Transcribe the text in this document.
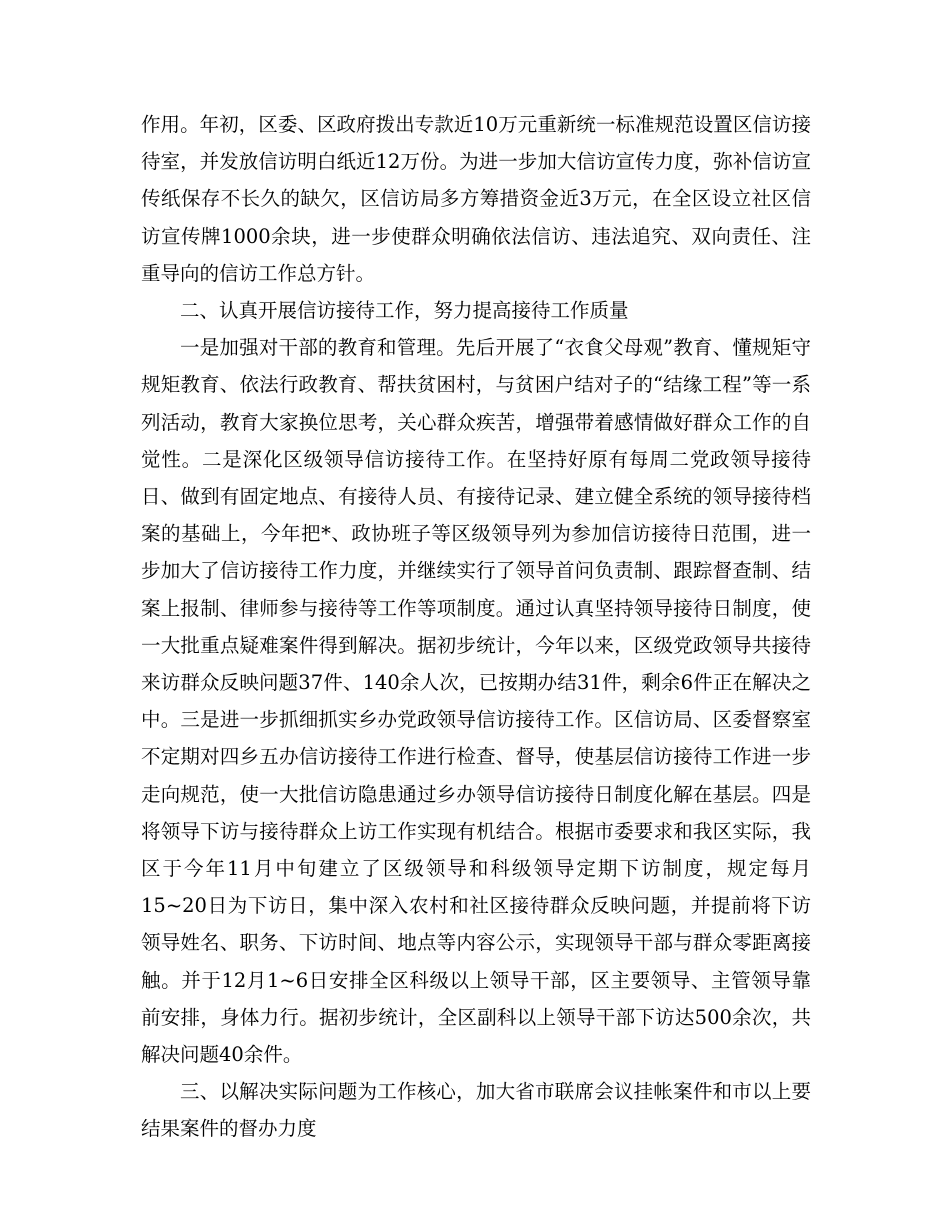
作用。年初，区委、区政府拨出专款近10万元重新统一标准规范设置区信访接待室，并发放信访明白纸近12万份。为进一步加大信访宣传力度，弥补信访宣传纸保存不长久的缺欠，区信访局多方筹措资金近3万元，在全区设立社区信访宣传牌1000余块，进一步使群众明确依法信访、违法追究、双向责任、注重导向的信访工作总方针。

二、认真开展信访接待工作，努力提高接待工作质量

一是加强对干部的教育和管理。先后开展了“衣食父母观”教育、懂规矩守规矩教育、依法行政教育、帮扶贫困村，与贫困户结对子的“结缘工程”等一系列活动，教育大家换位思考，关心群众疾苦，增强带着感情做好群众工作的自觉性。二是深化区级领导信访接待工作。在坚持好原有每周二党政领导接待日、做到有固定地点、有接待人员、有接待记录、建立健全系统的领导接待档案的基础上，今年把*、政协班子等区级领导列为参加信访接待日范围，进一步加大了信访接待工作力度，并继续实行了领导首问负责制、跟踪督查制、结案上报制、律师参与接待等工作等项制度。通过认真坚持领导接待日制度，使一大批重点疑难案件得到解决。据初步统计，今年以来，区级党政领导共接待来访群众反映问题37件、140余人次，已按期办结31件，剩余6件正在解决之中。三是进一步抓细抓实乡办党政领导信访接待工作。区信访局、区委督察室不定期对四乡五办信访接待工作进行检查、督导，使基层信访接待工作进一步走向规范，使一大批信访隐患通过乡办领导信访接待日制度化解在基层。四是将领导下访与接待群众上访工作实现有机结合。根据市委要求和我区实际，我区于今年11月中旬建立了区级领导和科级领导定期下访制度，规定每月15~20日为下访日，集中深入农村和社区接待群众反映问题，并提前将下访领导姓名、职务、下访时间、地点等内容公示，实现领导干部与群众零距离接触。并于12月1~6日安排全区科级以上领导干部，区主要领导、主管领导靠前安排，身体力行。据初步统计，全区副科以上领导干部下访达500余次，共解决问题40余件。

三、以解决实际问题为工作核心，加大省市联席会议挂帐案件和市以上要结果案件的督办力度
